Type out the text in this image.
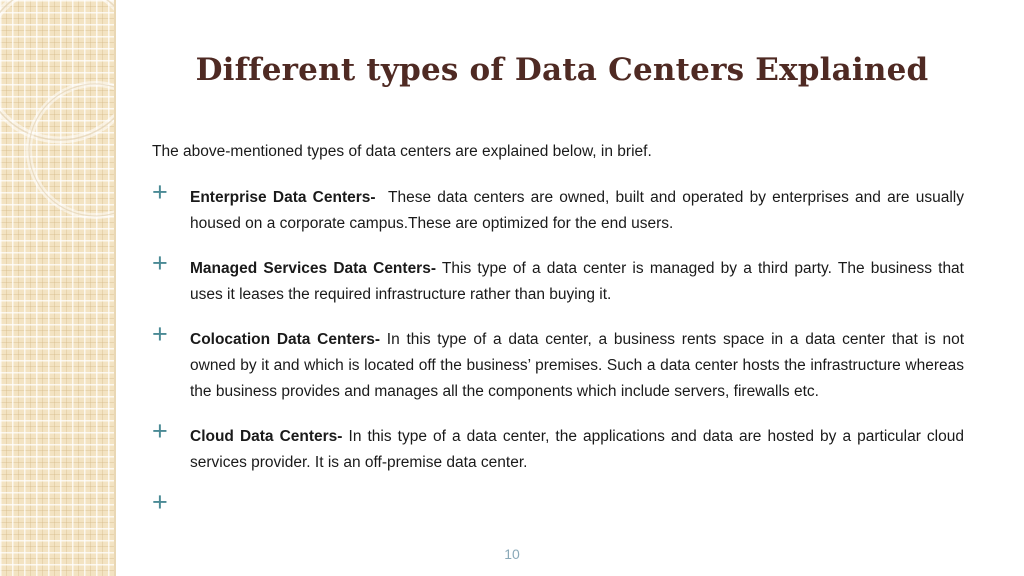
Different types of Data Centers Explained
The above-mentioned types of data centers are explained below, in brief.
+ Enterprise Data Centers- These data centers are owned, built and operated by enterprises and are usually housed on a corporate campus.These are optimized for the end users.
+ Managed Services Data Centers- This type of a data center is managed by a third party. The business that uses it leases the required infrastructure rather than buying it.
+ Colocation Data Centers- In this type of a data center, a business rents space in a data center that is not owned by it and which is located off the business’ premises. Such a data center hosts the infrastructure whereas the business provides and manages all the components which include servers, firewalls etc.
+ Cloud Data Centers- In this type of a data center, the applications and data are hosted by a particular cloud services provider. It is an off-premise data center.
+
10
